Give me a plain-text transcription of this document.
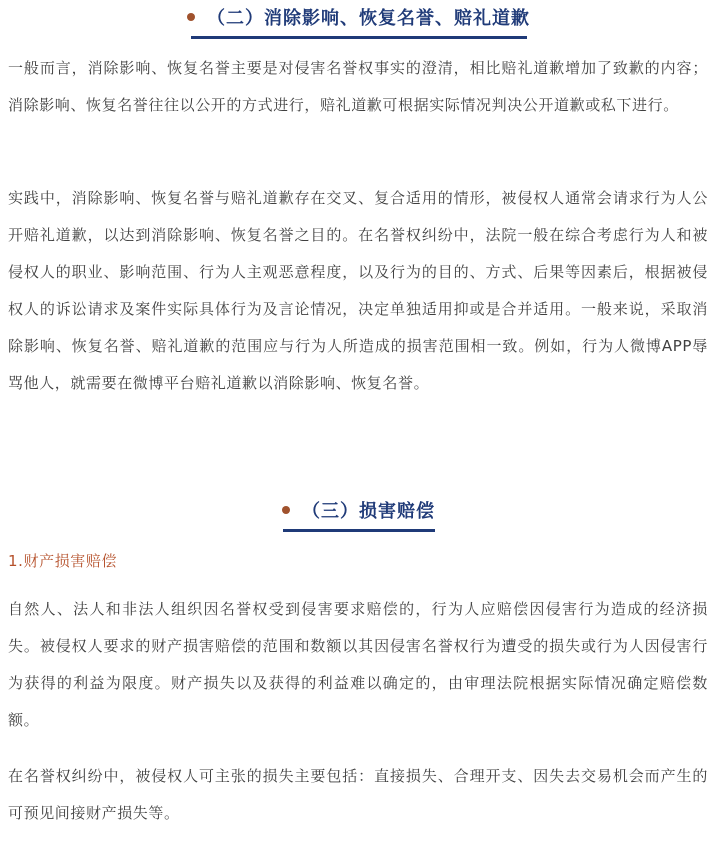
（二）消除影响、恢复名誉、赔礼道歉

一般而言，消除影响、恢复名誉主要是对侵害名誉权事实的澄清，相比赔礼道歉增加了致歉的内容；消除影响、恢复名誉往往以公开的方式进行，赔礼道歉可根据实际情况判决公开道歉或私下进行。

实践中，消除影响、恢复名誉与赔礼道歉存在交叉、复合适用的情形，被侵权人通常会请求行为人公开赔礼道歉，以达到消除影响、恢复名誉之目的。在名誉权纠纷中，法院一般在综合考虑行为人和被侵权人的职业、影响范围、行为人主观恶意程度，以及行为的目的、方式、后果等因素后，根据被侵权人的诉讼请求及案件实际具体行为及言论情况，决定单独适用抑或是合并适用。一般来说，采取消除影响、恢复名誉、赔礼道歉的范围应与行为人所造成的损害范围相一致。例如，行为人微博APP辱骂他人，就需要在微博平台赔礼道歉以消除影响、恢复名誉。

（三）损害赔偿

1.财产损害赔偿

自然人、法人和非法人组织因名誉权受到侵害要求赔偿的，行为人应赔偿因侵害行为造成的经济损失。被侵权人要求的财产损害赔偿的范围和数额以其因侵害名誉权行为遭受的损失或行为人因侵害行为获得的利益为限度。财产损失以及获得的利益难以确定的，由审理法院根据实际情况确定赔偿数额。

在名誉权纠纷中，被侵权人可主张的损失主要包括：直接损失、合理开支、因失去交易机会而产生的可预见间接财产损失等。
